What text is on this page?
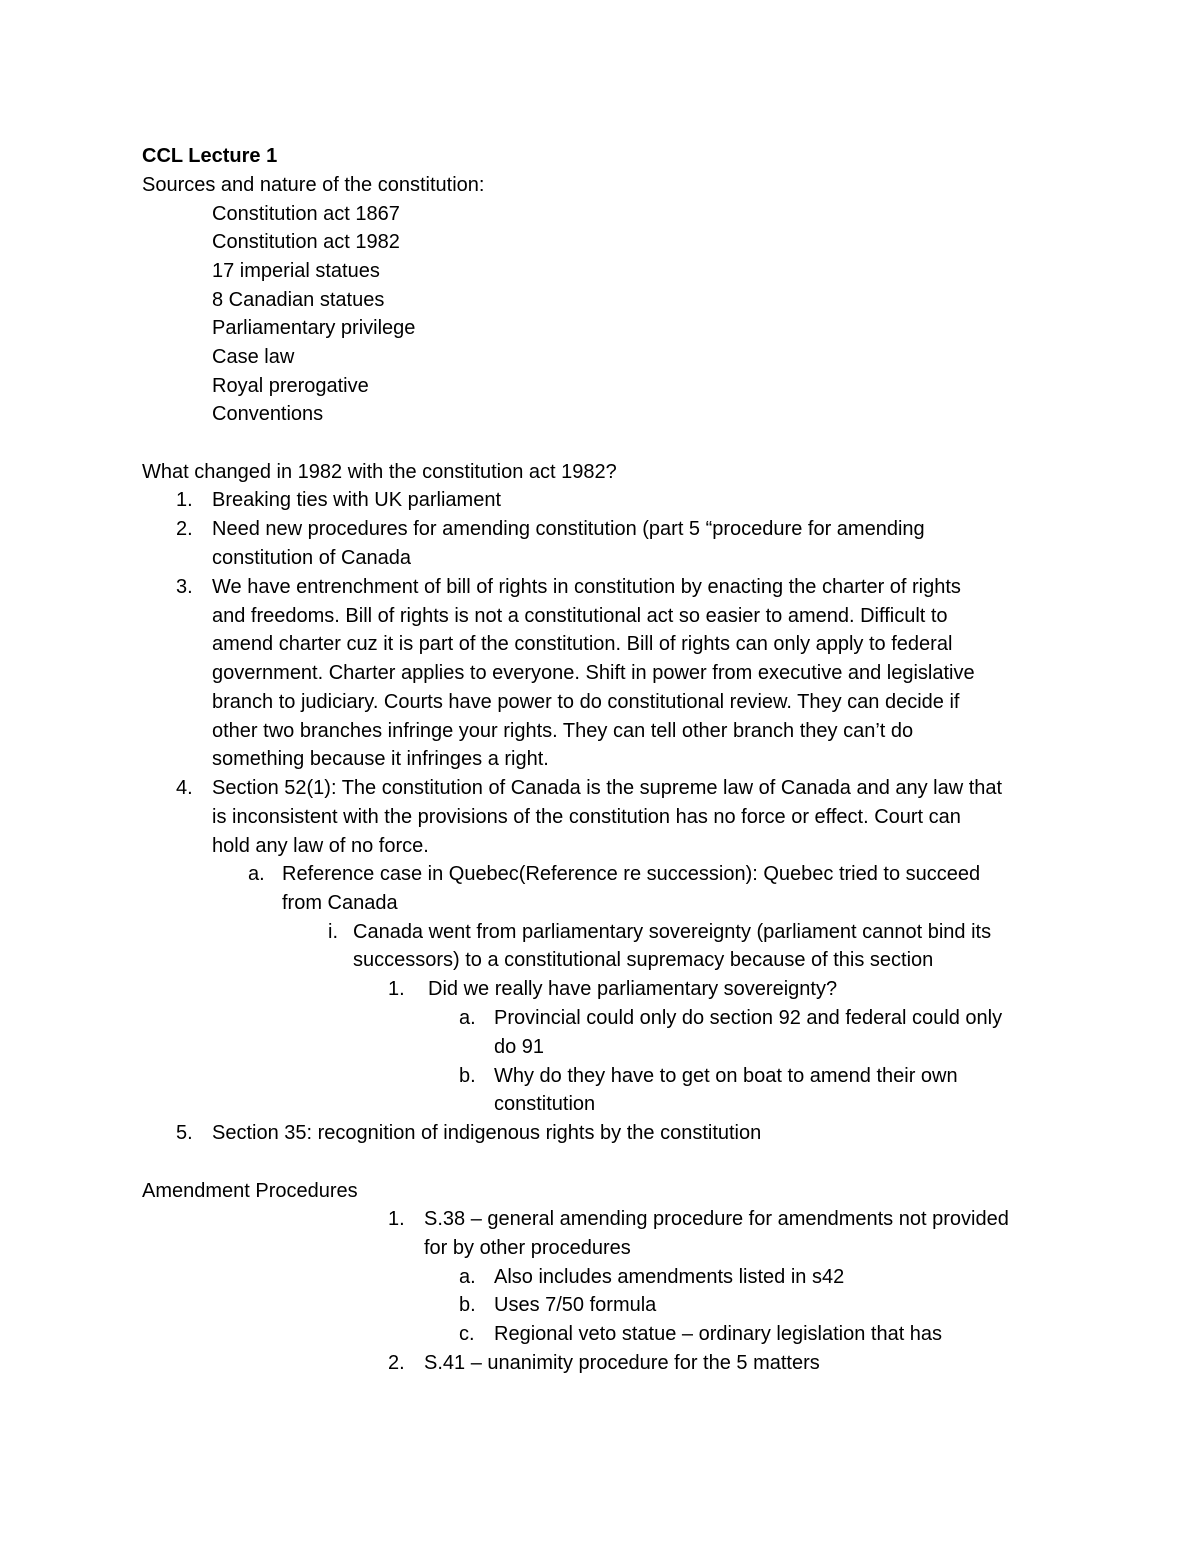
CCL Lecture 1
Sources and nature of the constitution:
Constitution act 1867
Constitution act 1982
17 imperial statues
8 Canadian statues
Parliamentary privilege
Case law
Royal prerogative
Conventions
What changed in 1982 with the constitution act 1982?
1. Breaking ties with UK parliament
2. Need new procedures for amending constitution (part 5 “procedure for amending
constitution of Canada
3. We have entrenchment of bill of rights in constitution by enacting the charter of rights
and freedoms. Bill of rights is not a constitutional act so easier to amend. Difficult to
amend charter cuz it is part of the constitution. Bill of rights can only apply to federal
government. Charter applies to everyone. Shift in power from executive and legislative
branch to judiciary. Courts have power to do constitutional review. They can decide if
other two branches infringe your rights. They can tell other branch they can’t do
something because it infringes a right.
4. Section 52(1): The constitution of Canada is the supreme law of Canada and any law that
is inconsistent with the provisions of the constitution has no force or effect. Court can
hold any law of no force.
a. Reference case in Quebec(Reference re succession): Quebec tried to succeed
from Canada
i. Canada went from parliamentary sovereignty (parliament cannot bind its
successors) to a constitutional supremacy because of this section
1. Did we really have parliamentary sovereignty?
a. Provincial could only do section 92 and federal could only
do 91
b. Why do they have to get on boat to amend their own
constitution
5. Section 35: recognition of indigenous rights by the constitution
Amendment Procedures
1. S.38 – general amending procedure for amendments not provided
for by other procedures
a. Also includes amendments listed in s42
b. Uses 7/50 formula
c. Regional veto statue – ordinary legislation that has
2. S.41 – unanimity procedure for the 5 matters
